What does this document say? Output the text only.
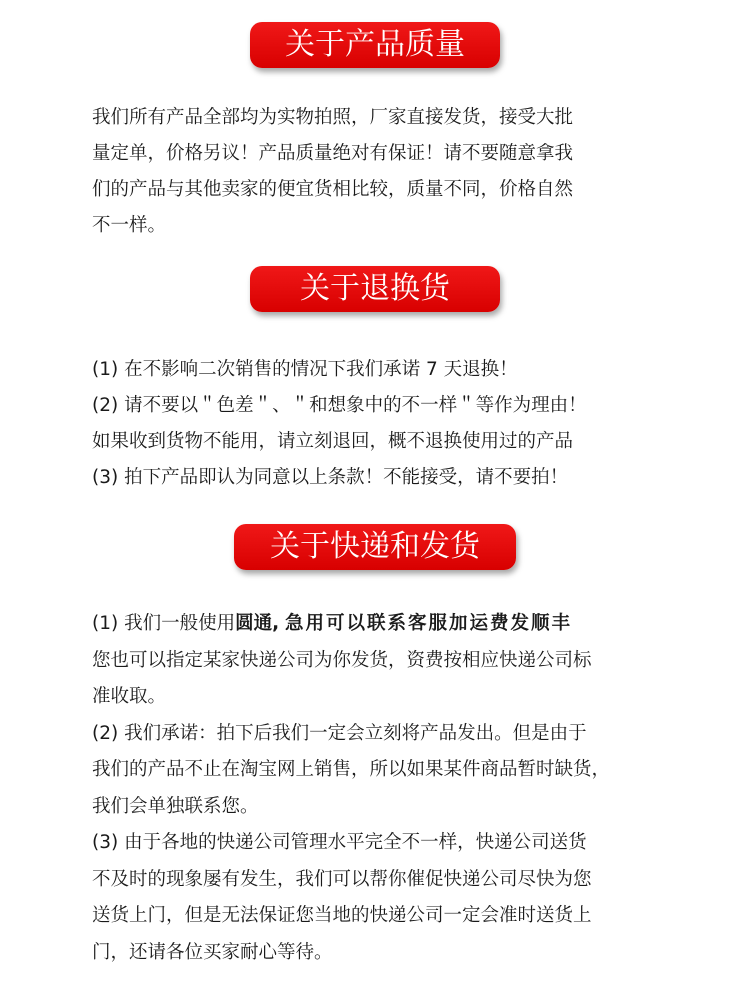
关于产品质量

我们所有产品全部均为实物拍照，厂家直接发货，接受大批

量定单，价格另议！产品质量绝对有保证！请不要随意拿我

们的产品与其他卖家的便宜货相比较，质量不同，价格自然

不一样。

关于退换货

(1) 在不影响二次销售的情况下我们承诺 7 天退换！

(2) 请不要以＂色差＂、＂和想象中的不一样＂等作为理由！

如果收到货物不能用，请立刻退回，概不退换使用过的产品

(3) 拍下产品即认为同意以上条款！不能接受，请不要拍！

关于快递和发货

(1) 我们一般使用圆通, 急用可以联系客服加运费发顺丰

您也可以指定某家快递公司为你发货，资费按相应快递公司标

准收取。

(2) 我们承诺：拍下后我们一定会立刻将产品发出。但是由于

我们的产品不止在淘宝网上销售，所以如果某件商品暂时缺货，

我们会单独联系您。

(3) 由于各地的快递公司管理水平完全不一样，快递公司送货

不及时的现象屡有发生，我们可以帮你催促快递公司尽快为您

送货上门，但是无法保证您当地的快递公司一定会准时送货上

门，还请各位买家耐心等待。
